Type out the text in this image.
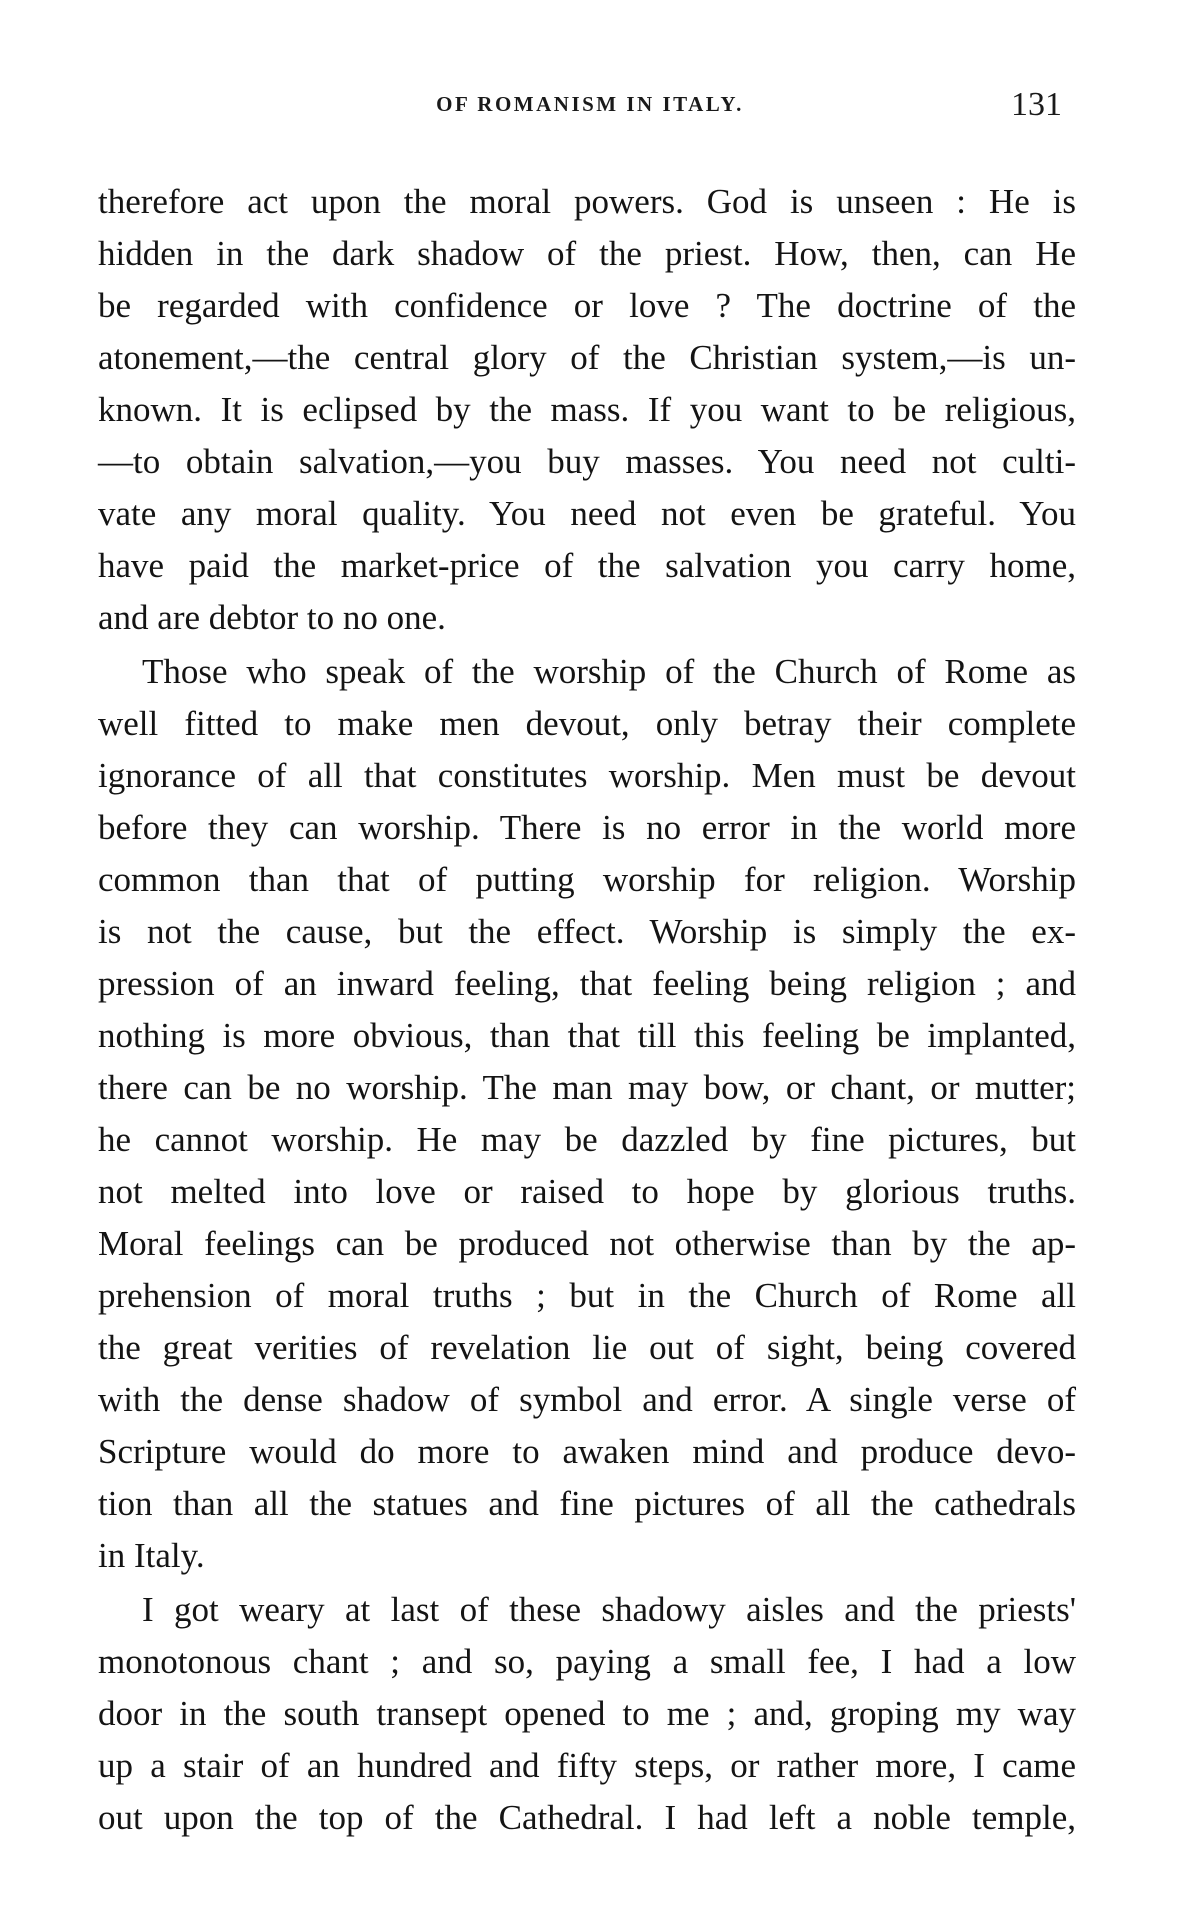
OF ROMANISM IN ITALY.	131
therefore act upon the moral powers. God is unseen : He is
hidden in the dark shadow of the priest. How, then, can He
be regarded with confidence or love ? The doctrine of the
atonement,—the central glory of the Christian system,—is un-
known. It is eclipsed by the mass. If you want to be religious,
—to obtain salvation,—you buy masses. You need not culti-
vate any moral quality. You need not even be grateful. You
have paid the market-price of the salvation you carry home,
and are debtor to no one.
Those who speak of the worship of the Church of Rome as
well fitted to make men devout, only betray their complete
ignorance of all that constitutes worship. Men must be devout
before they can worship. There is no error in the world more
common than that of putting worship for religion. Worship
is not the cause, but the effect. Worship is simply the ex-
pression of an inward feeling, that feeling being religion ; and
nothing is more obvious, than that till this feeling be implanted,
there can be no worship. The man may bow, or chant, or mutter;
he cannot worship. He may be dazzled by fine pictures, but
not melted into love or raised to hope by glorious truths.
Moral feelings can be produced not otherwise than by the ap-
prehension of moral truths ; but in the Church of Rome all
the great verities of revelation lie out of sight, being covered
with the dense shadow of symbol and error. A single verse of
Scripture would do more to awaken mind and produce devo-
tion than all the statues and fine pictures of all the cathedrals
in Italy.
I got weary at last of these shadowy aisles and the priests'
monotonous chant ; and so, paying a small fee, I had a low
door in the south transept opened to me ; and, groping my way
up a stair of an hundred and fifty steps, or rather more, I came
out upon the top of the Cathedral. I had left a noble temple,
